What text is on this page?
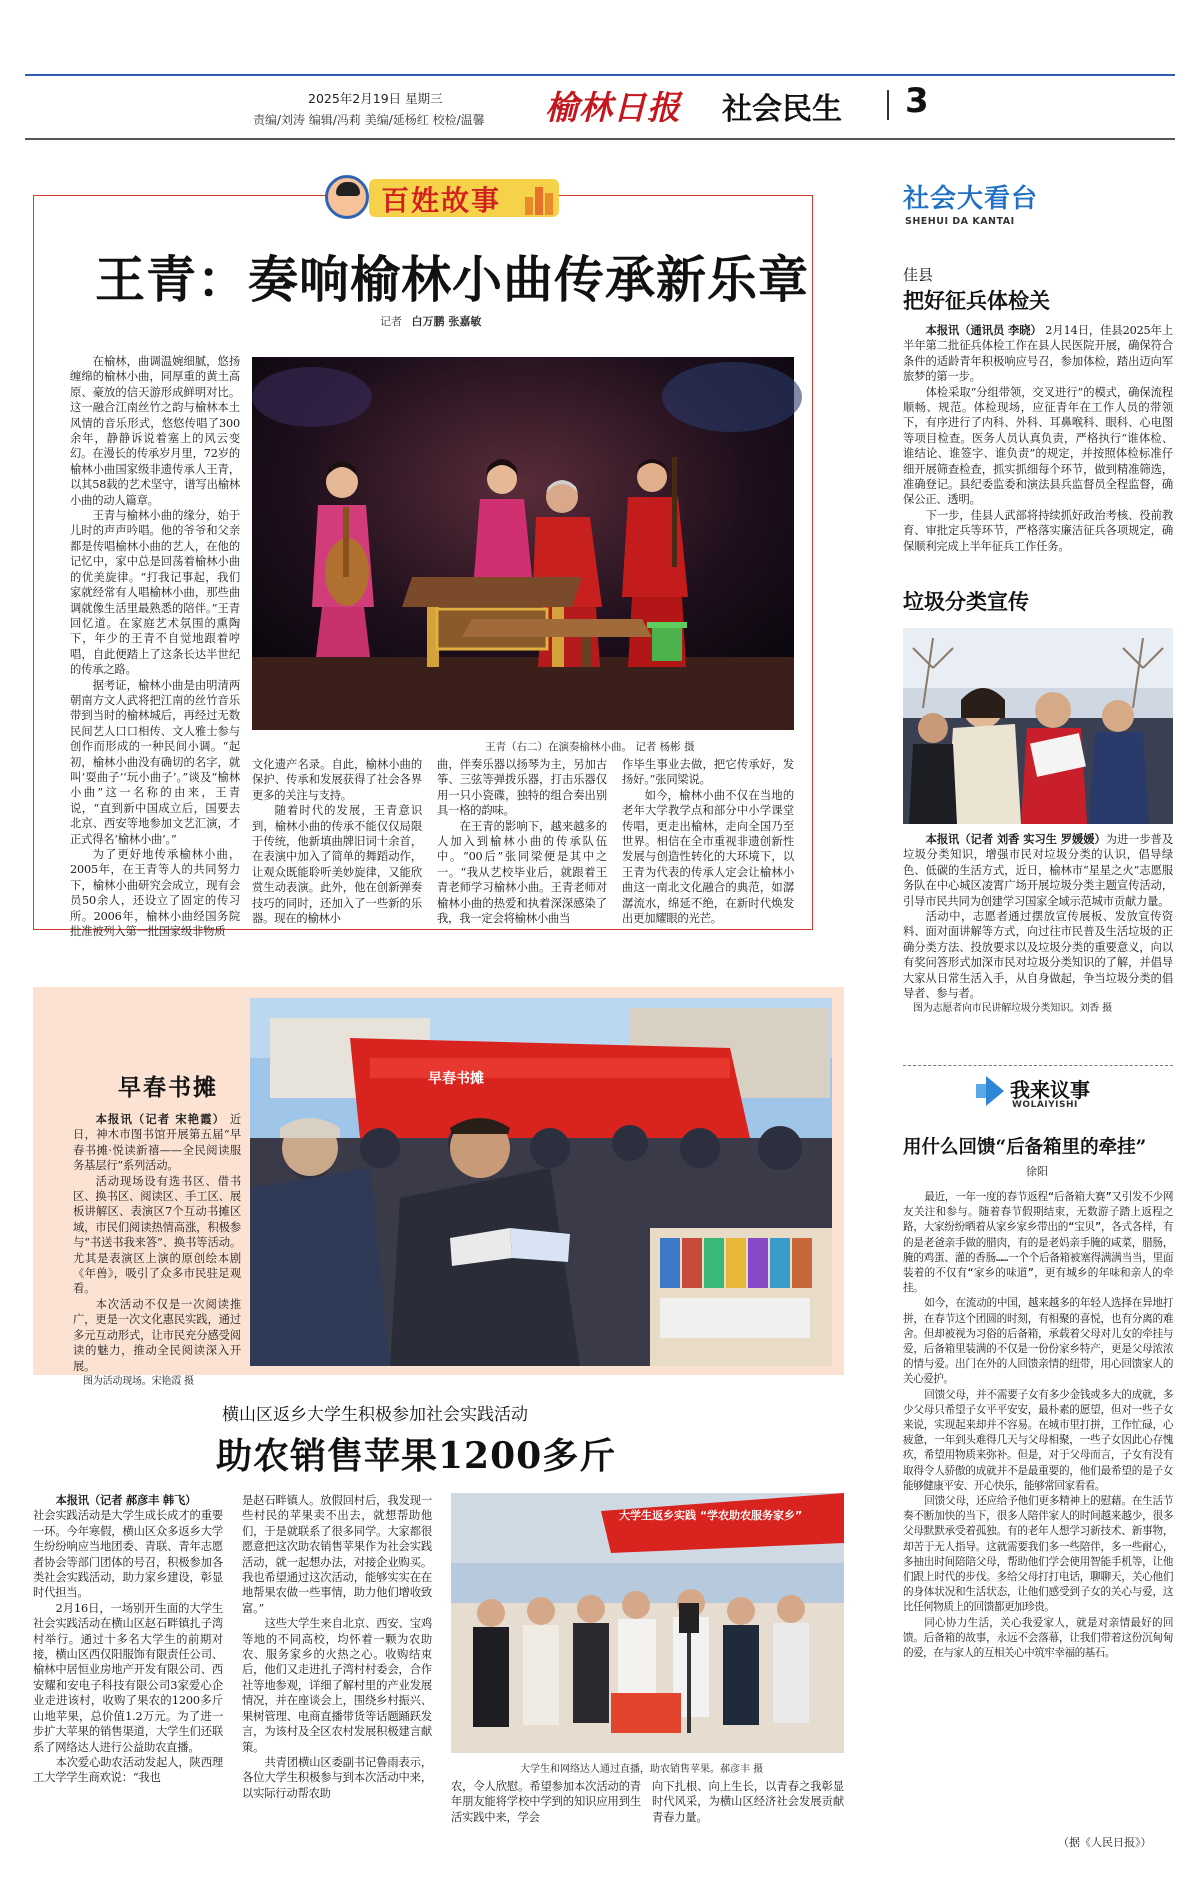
2025年2月19日 星期三
责编/刘涛 编辑/冯莉 美编/延杨红 校检/温馨 榆林日报 社会民生 3
百姓故事
王青：奏响榆林小曲传承新乐章
记者 白万鹏 张嘉敏

在榆林，曲调温婉细腻，悠扬缠绵的榆林小曲，同厚重的黄土高原、豪放的信天游形成鲜明对比。这一融合江南丝竹之韵与榆林本土风情的音乐形式，悠悠传唱了300余年，静静诉说着塞上的风云变幻。在漫长的传承岁月里，72岁的榆林小曲国家级非遗传承人王青，以其58载的艺术坚守，谱写出榆林小曲的动人篇章。

王青与榆林小曲的缘分，始于儿时的声声吟唱。他的爷爷和父亲都是传唱榆林小曲的艺人，在他的记忆中，家中总是回荡着榆林小曲的优美旋律。“打我记事起，我们家就经常有人唱榆林小曲，那些曲调就像生活里最熟悉的陪伴。”王青回忆道。在家庭艺术氛围的熏陶下，年少的王青不自觉地跟着哼唱，自此便踏上了这条长达半世纪的传承之路。

据考证，榆林小曲是由明清两朝南方文人武将把江南的丝竹音乐带到当时的榆林城后，再经过无数民间艺人口口相传、文人雅士参与创作而形成的一种民间小调。“起初，榆林小曲没有确切的名字，就叫‘耍曲子’‘玩小曲子’。”谈及“榆林小曲”这一名称的由来，王青说，“直到新中国成立后，国要去北京、西安等地参加文艺汇演，才正式得名‘榆林小曲’。”

为了更好地传承榆林小曲，2005年，在王青等人的共同努力下，榆林小曲研究会成立，现有会员50余人，还设立了固定的传习所。2006年，榆林小曲经国务院批准被列入第一批国家级非物质

王青（右二）在演奏榆林小曲。 记者 杨彬 摄

文化遗产名录。自此，榆林小曲的保护、传承和发展获得了社会各界更多的关注与支持。

随着时代的发展，王青意识到，榆林小曲的传承不能仅仅局限于传统，他新填曲牌旧词十余首，在表演中加入了简单的舞蹈动作，让观众既能聆听美妙旋律，又能欣赏生动表演。此外，他在创新弹奏技巧的同时，还加入了一些新的乐器。现在的榆林小

曲，伴奏乐器以扬琴为主，另加古筝、三弦等弹拨乐器，打击乐器仅用一只小瓷碟，独特的组合奏出别具一格的韵味。

在王青的影响下，越来越多的人加入到榆林小曲的传承队伍中。“00后”张同梁便是其中之一。“我从艺校毕业后，就跟着王青老师学习榆林小曲。王青老师对榆林小曲的热爱和执着深深感染了我，我一定会将榆林小曲当

作毕生事业去做，把它传承好，发扬好。”张同梁说。

如今，榆林小曲不仅在当地的老年大学教学点和部分中小学课堂传唱，更走出榆林，走向全国乃至世界。相信在全市重视非遗创新性发展与创造性转化的大环境下，以王青为代表的传承人定会让榆林小曲这一南北文化融合的典范，如潺潺流水，绵延不绝，在新时代焕发出更加耀眼的光芒。

早春书摊

本报讯（记者 宋艳霞） 近日，神木市图书馆开展第五届“早春书摊·悦读新禧——全民阅读服务基层行”系列活动。

活动现场设有选书区、借书区、换书区、阅读区、手工区、展板讲解区、表演区7个互动书摊区域，市民们阅读热情高涨，积极参与“书送书我来答”、换书等活动。尤其是表演区上演的原创绘本剧《年兽》，吸引了众多市民驻足观看。

本次活动不仅是一次阅读推广，更是一次文化惠民实践，通过多元互动形式，让市民充分感受阅读的魅力，推动全民阅读深入开展。

图为活动现场。宋艳霞 摄

早春书摊
横山区返乡大学生积极参加社会实践活动
助农销售苹果1200多斤

本报讯（记者 郝彦丰 韩飞）

社会实践活动是大学生成长成才的重要一环。今年寒假，横山区众多返乡大学生纷纷响应当地团委、青联、青年志愿者协会等部门团体的号召，积极参加各类社会实践活动，助力家乡建设，彰显时代担当。

2月16日，一场别开生面的大学生社会实践活动在横山区赵石畔镇扎子湾村举行。通过十多名大学生的前期对接，横山区西仅阳服饰有限责任公司、榆林中居恒业房地产开发有限公司、西安耀和安电子科技有限公司3家爱心企业走进该村，收购了果农的1200多斤山地苹果，总价值1.2万元。为了进一步扩大苹果的销售渠道，大学生们还联系了网络达人进行公益助农直播。

本次爱心助农活动发起人，陕西理工大学学生商欢说：“我也

是赵石畔镇人。放假回村后，我发现一些村民的苹果卖不出去，就想帮助他们，于是就联系了很多同学。大家都很愿意把这次助农销售苹果作为社会实践活动，就一起想办法，对接企业购买。我也希望通过这次活动，能够实实在在地帮果农做一些事情，助力他们增收致富。”

这些大学生来自北京、西安、宝鸡等地的不同高校，均怀着一颗为农助农、服务家乡的火热之心。收购结束后，他们又走进扎子湾村村委会，合作社等地参观，详细了解村里的产业发展情况，并在座谈会上，围绕乡村振兴、果树管理、电商直播带货等话题踊跃发言，为该村及全区农村发展积极建言献策。

共青团横山区委副书记鲁雨表示，各位大学生积极参与到本次活动中来，以实际行动帮农助

大学生返乡实践 “学农助农服务家乡”
大学生和网络达人通过直播，助农销售苹果。郝彦丰 摄
农，令人欣慰。希望参加本次活动的青年朋友能将学校中学到的知识应用到生活实践中来，学会
向下扎根、向上生长，以青春之我彰显时代风采，为横山区经济社会发展贡献青春力量。
社会大看台
SHEHUI DA KANTAI
佳县
把好征兵体检关

本报讯（通讯员 李晓） 2月14日，佳县2025年上半年第二批征兵体检工作在县人民医院开展，确保符合条件的适龄青年积极响应号召，参加体检，踏出迈向军旅梦的第一步。

体检采取“分组带领，交叉进行”的模式，确保流程顺畅、规范。体检现场，应征青年在工作人员的带领下，有序进行了内科、外科、耳鼻喉科、眼科、心电图等项目检查。医务人员认真负责，严格执行“谁体检、谁结论、谁签字、谁负责”的规定，并按照体检标准仔细开展筛查检查，抓实抓细每个环节，做到精准筛选，准确登记。县纪委监委和演法县兵监督员全程监督，确保公正、透明。

下一步，佳县人武部将持续抓好政治考核、役前教育、审批定兵等环节，严格落实廉洁征兵各项规定，确保顺利完成上半年征兵工作任务。

垃圾分类宣传

本报讯（记者 刘香 实习生 罗媛媛）为进一步普及垃圾分类知识，增强市民对垃圾分类的认识，倡导绿色、低碳的生活方式，近日，榆林市“星星之火”志愿服务队在中心城区凌霄广场开展垃圾分类主题宣传活动，引导市民共同为创建学习国家全域示范城市贡献力量。

活动中，志愿者通过摆放宣传展板、发放宣传资料、面对面讲解等方式，向过往市民普及生活垃圾的正确分类方法、投放要求以及垃圾分类的重要意义，向以有奖问答形式加深市民对垃圾分类知识的了解，并倡导大家从日常生活入手，从自身做起，争当垃圾分类的倡导者、参与者。

图为志愿者向市民讲解垃圾分类知识。刘香 摄

我来议事
WOLAIYISHI
用什么回馈“后备箱里的牵挂”
徐阳

最近，一年一度的春节返程“后备箱大赛”又引发不少网友关注和参与。随着春节假期结束，无数游子踏上返程之路，大家纷纷晒着从家乡家乡带出的“宝贝”，各式各样，有的是老爸亲手做的腊肉，有的是老妈亲手腌的咸菜，腊肠，腌的鸡蛋、灌的香肠……一个个后备箱被塞得满满当当，里面装着的不仅有“家乡的味道”，更有城乡的年味和亲人的牵挂。

如今，在流动的中国，越来越多的年轻人选择在异地打拼，在春节这个团圆的时刻，有相聚的喜悦，也有分离的难舍。但却被视为习俗的后备箱，承载着父母对儿女的牵挂与爱，后备箱里装满的不仅是一份份家乡特产，更是父母浓浓的情与爱。出门在外的人回馈亲情的纽带，用心回馈家人的关心爱护。

回馈父母，并不需要子女有多少金钱或多大的成就，多少父母只希望子女平平安安，最朴素的愿望，但对一些子女来说，实现起来却并不容易。在城市里打拼，工作忙碌，心疲惫，一年到头难得几天与父母相聚，一些子女因此心存愧疚，希望用物质来弥补。但是，对于父母而言，子女有没有取得令人骄傲的成就并不是最重要的，他们最希望的是子女能够健康平安、开心快乐，能够常回家看看。

回馈父母，还应给予他们更多精神上的慰藉。在生活节奏不断加快的当下，很多人陪伴家人的时间越来越少，很多父母默默承受着孤独。有的老年人想学习新技术、新事物，却苦于无人指导。这就需要我们多一些陪伴，多一些耐心，多抽出时间陪陪父母，帮助他们学会使用智能手机等，让他们跟上时代的步伐。多给父母打打电话，聊聊天，关心他们的身体状况和生活状态，让他们感受到子女的关心与爱，这比任何物质上的回馈都更加珍贵。

同心协力生活，关心我爱家人，就是对亲情最好的回馈。后备箱的故事，永远不会落幕，让我们带着这份沉甸甸的爱，在与家人的互相关心中筑牢幸福的基石。

（据《人民日报》）
